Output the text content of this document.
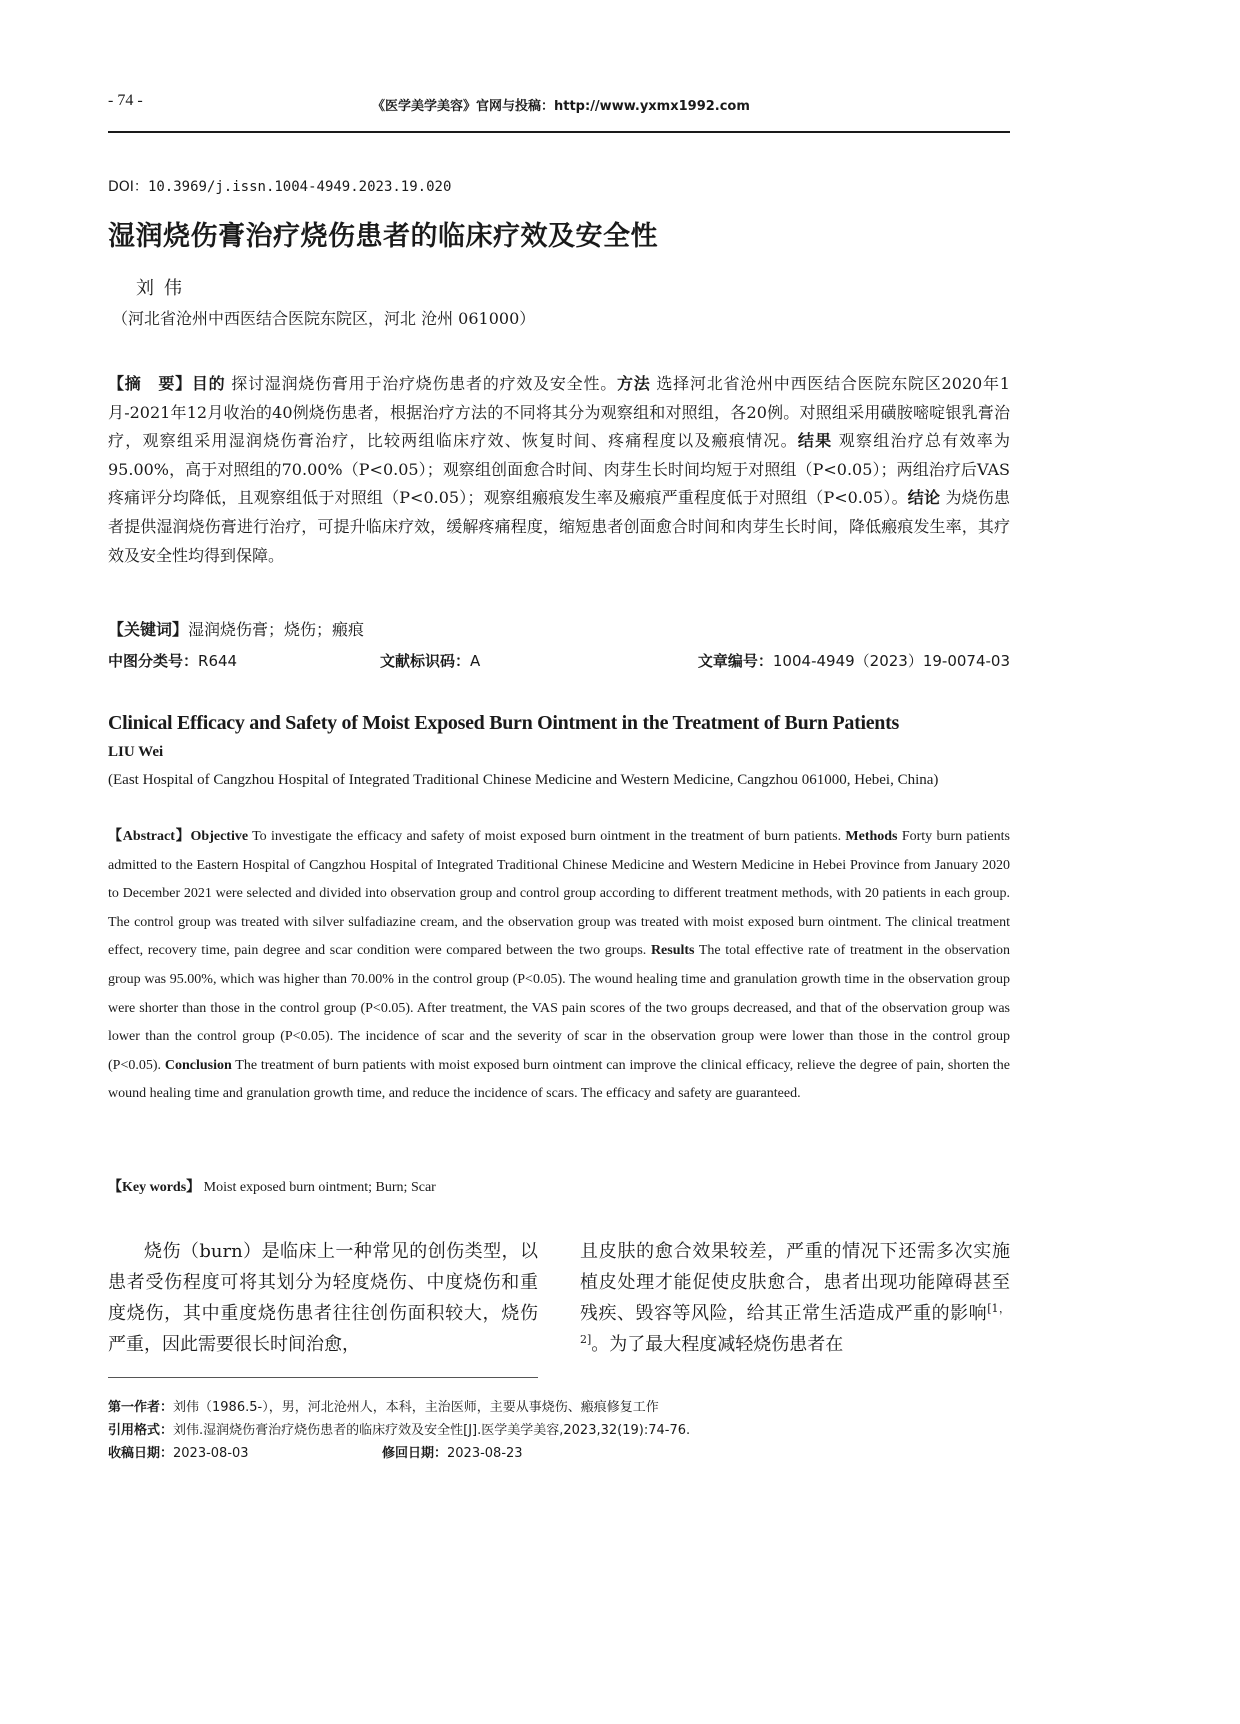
- 74 -	《医学美学美容》官网与投稿：http://www.yxmx1992.com
DOI：10.3969/j.issn.1004-4949.2023.19.020
湿润烧伤膏治疗烧伤患者的临床疗效及安全性
刘伟
（河北省沧州中西医结合医院东院区，河北 沧州 061000）
【摘　要】目的 探讨湿润烧伤膏用于治疗烧伤患者的疗效及安全性。方法 选择河北省沧州中西医结合医院东院区2020年1月-2021年12月收治的40例烧伤患者，根据治疗方法的不同将其分为观察组和对照组，各20例。对照组采用磺胺嘧啶银乳膏治疗，观察组采用湿润烧伤膏治疗，比较两组临床疗效、恢复时间、疼痛程度以及瘢痕情况。结果 观察组治疗总有效率为95.00%，高于对照组的70.00%（P<0.05）；观察组创面愈合时间、肉芽生长时间均短于对照组（P<0.05）；两组治疗后VAS疼痛评分均降低，且观察组低于对照组（P<0.05）；观察组瘢痕发生率及瘢痕严重程度低于对照组（P<0.05）。结论 为烧伤患者提供湿润烧伤膏进行治疗，可提升临床疗效，缓解疼痛程度，缩短患者创面愈合时间和肉芽生长时间，降低瘢痕发生率，其疗效及安全性均得到保障。
【关键词】湿润烧伤膏；烧伤；瘢痕
中图分类号：R644	文献标识码：A	文章编号：1004-4949（2023）19-0074-03
Clinical Efficacy and Safety of Moist Exposed Burn Ointment in the Treatment of Burn Patients
LIU Wei
(East Hospital of Cangzhou Hospital of Integrated Traditional Chinese Medicine and Western Medicine, Cangzhou 061000, Hebei, China)
【Abstract】Objective To investigate the efficacy and safety of moist exposed burn ointment in the treatment of burn patients. Methods Forty burn patients admitted to the Eastern Hospital of Cangzhou Hospital of Integrated Traditional Chinese Medicine and Western Medicine in Hebei Province from January 2020 to December 2021 were selected and divided into observation group and control group according to different treatment methods, with 20 patients in each group. The control group was treated with silver sulfadiazine cream, and the observation group was treated with moist exposed burn ointment. The clinical treatment effect, recovery time, pain degree and scar condition were compared between the two groups. Results The total effective rate of treatment in the observation group was 95.00%, which was higher than 70.00% in the control group (P<0.05). The wound healing time and granulation growth time in the observation group were shorter than those in the control group (P<0.05). After treatment, the VAS pain scores of the two groups decreased, and that of the observation group was lower than the control group (P<0.05). The incidence of scar and the severity of scar in the observation group were lower than those in the control group (P<0.05). Conclusion The treatment of burn patients with moist exposed burn ointment can improve the clinical efficacy, relieve the degree of pain, shorten the wound healing time and granulation growth time, and reduce the incidence of scars. The efficacy and safety are guaranteed.
【Key words】 Moist exposed burn ointment; Burn; Scar
烧伤（burn）是临床上一种常见的创伤类型，以患者受伤程度可将其划分为轻度烧伤、中度烧伤和重度烧伤，其中重度烧伤患者往往创伤面积较大，烧伤严重，因此需要很长时间治愈，
且皮肤的愈合效果较差，严重的情况下还需多次实施植皮处理才能促使皮肤愈合，患者出现功能障碍甚至残疾、毁容等风险，给其正常生活造成严重的影响[1，2]。为了最大程度减轻烧伤患者在
第一作者：刘伟（1986.5-），男，河北沧州人，本科，主治医师，主要从事烧伤、瘢痕修复工作
引用格式：刘伟.湿润烧伤膏治疗烧伤患者的临床疗效及安全性[J].医学美学美容,2023,32(19):74-76.
收稿日期：2023-08-03	修回日期：2023-08-23
